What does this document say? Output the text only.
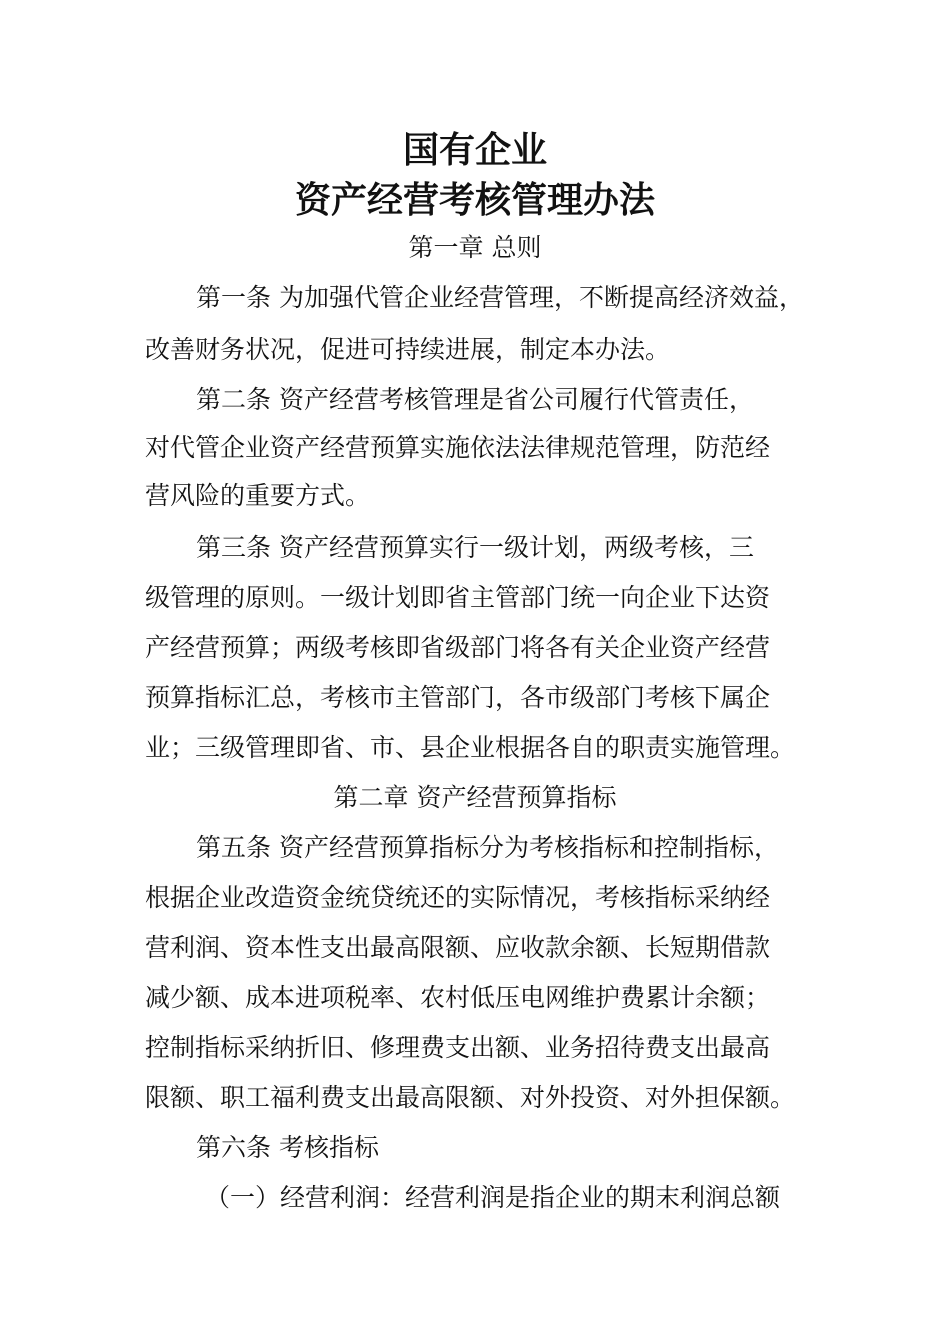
国有企业
资产经营考核管理办法

第一章 总则

第一条 为加强代管企业经营管理，不断提高经济效益，

改善财务状况，促进可持续进展，制定本办法。

第二条 资产经营考核管理是省公司履行代管责任，

对代管企业资产经营预算实施依法法律规范管理，防范经

营风险的重要方式。

第三条 资产经营预算实行一级计划，两级考核，三

级管理的原则。一级计划即省主管部门统一向企业下达资

产经营预算；两级考核即省级部门将各有关企业资产经营

预算指标汇总，考核市主管部门，各市级部门考核下属企

业；三级管理即省、市、县企业根据各自的职责实施管理。

第二章 资产经营预算指标

第五条 资产经营预算指标分为考核指标和控制指标，

根据企业改造资金统贷统还的实际情况，考核指标采纳经

营利润、资本性支出最高限额、应收款余额、长短期借款

减少额、成本进项税率、农村低压电网维护费累计余额；

控制指标采纳折旧、修理费支出额、业务招待费支出最高

限额、职工福利费支出最高限额、对外投资、对外担保额。

第六条 考核指标

（一）经营利润：经营利润是指企业的期末利润总额
